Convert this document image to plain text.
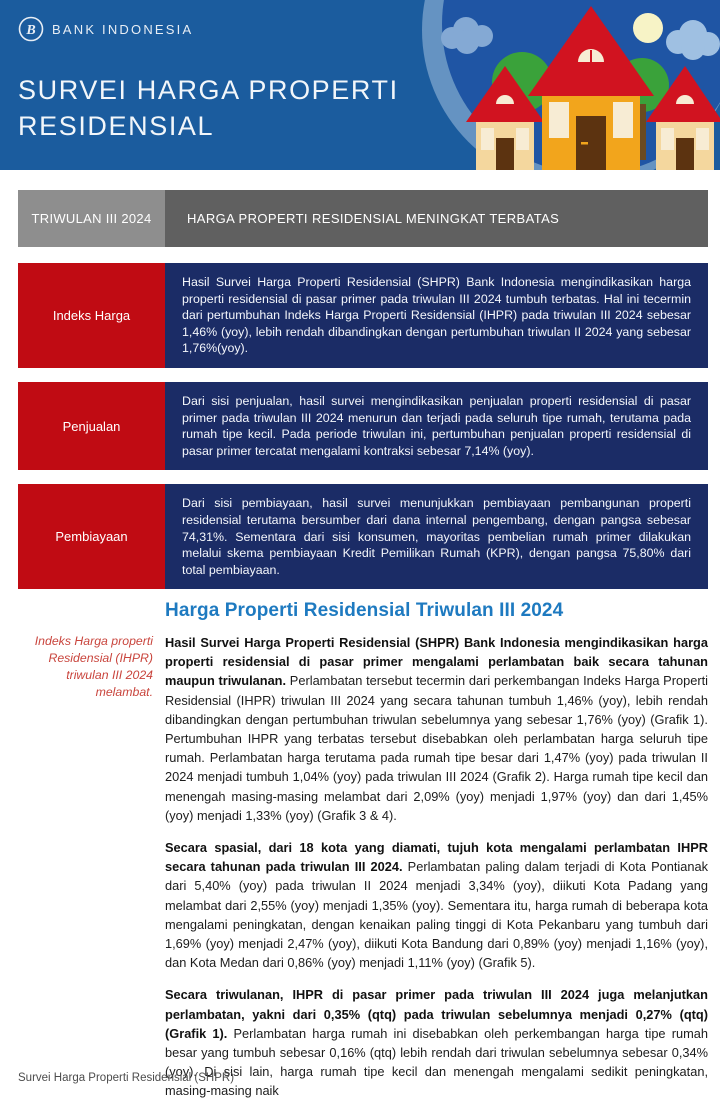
B BANK INDONESIA
SURVEI HARGA PROPERTI
RESIDENSIAL
TRIWULAN III 2024	HARGA PROPERTI RESIDENSIAL MENINGKAT TERBATAS
Indeks Harga
Hasil Survei Harga Properti Residensial (SHPR) Bank Indonesia mengindikasikan harga properti residensial di pasar primer pada triwulan III 2024 tumbuh terbatas. Hal ini tecermin dari pertumbuhan Indeks Harga Properti Residensial (IHPR) pada triwulan III 2024 sebesar 1,46% (yoy), lebih rendah dibandingkan dengan pertumbuhan triwulan II 2024 yang sebesar 1,76%(yoy).
Penjualan
Dari sisi penjualan, hasil survei mengindikasikan penjualan properti residensial di pasar primer pada triwulan III 2024 menurun dan terjadi pada seluruh tipe rumah, terutama pada rumah tipe kecil. Pada periode triwulan ini, pertumbuhan penjualan properti residensial di pasar primer tercatat mengalami kontraksi sebesar 7,14% (yoy).
Pembiayaan
Dari sisi pembiayaan, hasil survei menunjukkan pembiayaan pembangunan properti residensial terutama bersumber dari dana internal pengembang, dengan pangsa sebesar 74,31%. Sementara dari sisi konsumen, mayoritas pembelian rumah primer dilakukan melalui skema pembiayaan Kredit Pemilikan Rumah (KPR), dengan pangsa 75,80% dari total pembiayaan.
Indeks Harga properti Residensial (IHPR) triwulan III 2024 melambat.
Harga Properti Residensial Triwulan III 2024

Hasil Survei Harga Properti Residensial (SHPR) Bank Indonesia mengindikasikan harga properti residensial di pasar primer mengalami perlambatan baik secara tahunan maupun triwulanan. Perlambatan tersebut tecermin dari perkembangan Indeks Harga Properti Residensial (IHPR) triwulan III 2024 yang secara tahunan tumbuh 1,46% (yoy), lebih rendah dibandingkan dengan pertumbuhan triwulan sebelumnya yang sebesar 1,76% (yoy) (Grafik 1). Pertumbuhan IHPR yang terbatas tersebut disebabkan oleh perlambatan harga seluruh tipe rumah. Perlambatan harga terutama pada rumah tipe besar dari 1,47% (yoy) pada triwulan II 2024 menjadi tumbuh 1,04% (yoy) pada triwulan III 2024 (Grafik 2). Harga rumah tipe kecil dan menengah masing-masing melambat dari 2,09% (yoy) menjadi 1,97% (yoy) dan dari 1,45% (yoy) menjadi 1,33% (yoy) (Grafik 3 & 4).

Secara spasial, dari 18 kota yang diamati, tujuh kota mengalami perlambatan IHPR secara tahunan pada triwulan III 2024. Perlambatan paling dalam terjadi di Kota Pontianak dari 5,40% (yoy) pada triwulan II 2024 menjadi 3,34% (yoy), diikuti Kota Padang yang melambat dari 2,55% (yoy) menjadi 1,35% (yoy). Sementara itu, harga rumah di beberapa kota mengalami peningkatan, dengan kenaikan paling tinggi di Kota Pekanbaru yang tumbuh dari 1,69% (yoy) menjadi 2,47% (yoy), diikuti Kota Bandung dari 0,89% (yoy) menjadi 1,16% (yoy), dan Kota Medan dari 0,86% (yoy) menjadi 1,11% (yoy) (Grafik 5).

Secara triwulanan, IHPR di pasar primer pada triwulan III 2024 juga melanjutkan perlambatan, yakni dari 0,35% (qtq) pada triwulan sebelumnya menjadi 0,27% (qtq) (Grafik 1). Perlambatan harga rumah ini disebabkan oleh perkembangan harga tipe rumah besar yang tumbuh sebesar 0,16% (qtq) lebih rendah dari triwulan sebelumnya sebesar 0,34% (yoy). Di sisi lain, harga rumah tipe kecil dan menengah mengalami sedikit peningkatan, masing-masing naik

Survei Harga Properti Residensial (SHPR)
